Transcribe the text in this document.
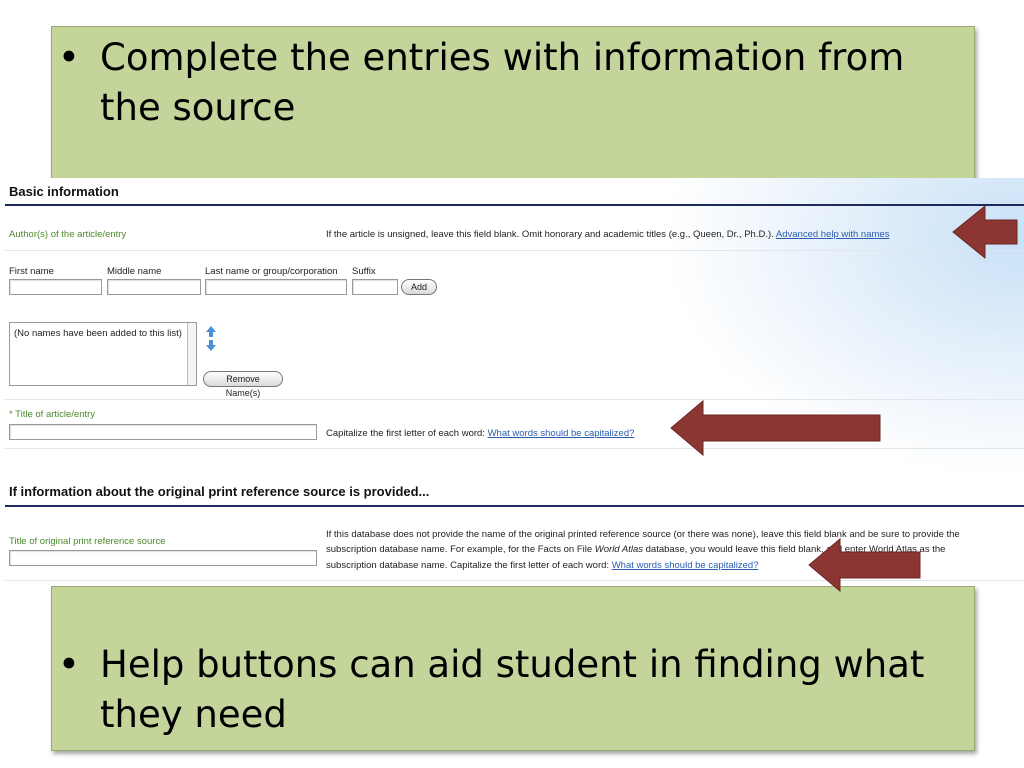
• Complete the entries with information from the source
• Help buttons can aid student in finding what they need
Basic information
Author(s) of the article/entry	If the article is unsigned, leave this field blank. Omit honorary and academic titles (e.g., Queen, Dr., Ph.D.). Advanced help with names
First name	Middle name	Last name or group/corporation Suffix
Add
(No names have been added to this list)
Remove Name(s)
* Title of article/entry
Capitalize the first letter of each word: What words should be capitalized?
If information about the original print reference source is provided...
Title of original print reference source
If this database does not provide the name of the original printed reference source (or there was none), leave this field blank and be sure to provide the
subscription database name. For example, for the Facts on File World Atlas database, you would leave this field blank, and enter World Atlas as the
subscription database name. Capitalize the first letter of each word: What words should be capitalized?
